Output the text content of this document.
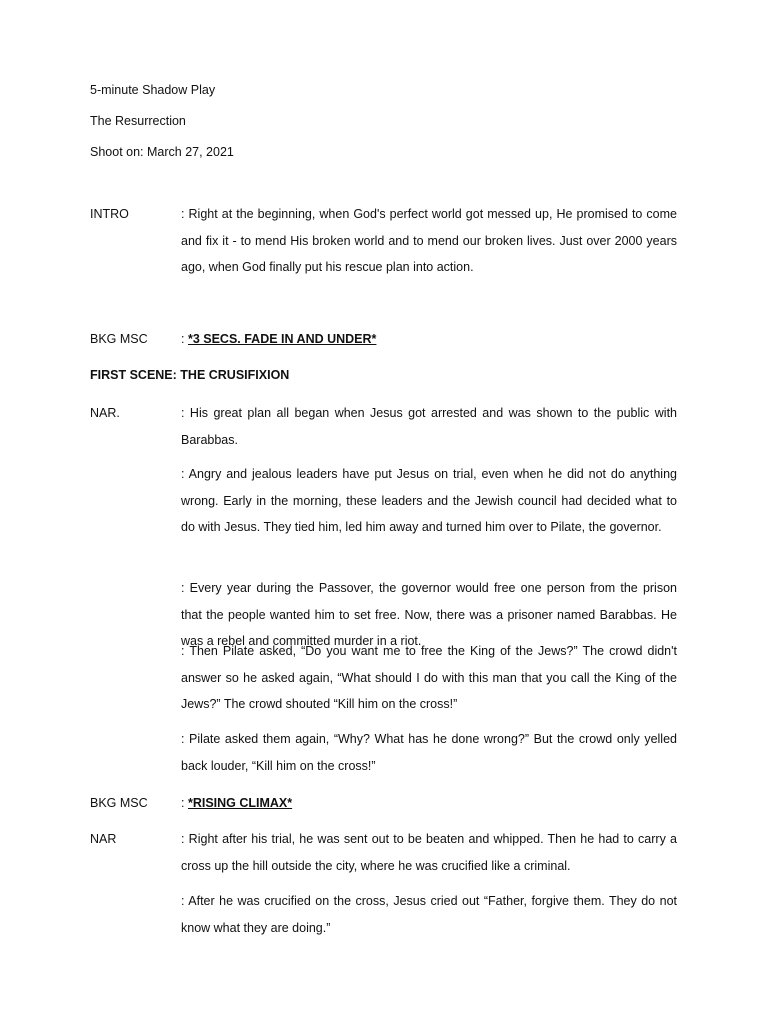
5-minute Shadow Play
The Resurrection
Shoot on: March 27, 2021
INTRO	: Right at the beginning, when God's perfect world got messed up, He promised to come and fix it - to mend His broken world and to mend our broken lives. Just over 2000 years ago, when God finally put his rescue plan into action.
BKG MSC	: *3 SECS. FADE IN AND UNDER*
FIRST SCENE: THE CRUSIFIXION
NAR.	: His great plan all began when Jesus got arrested and was shown to the public with Barabbas.
: Angry and jealous leaders have put Jesus on trial, even when he did not do anything wrong. Early in the morning, these leaders and the Jewish council had decided what to do with Jesus. They tied him, led him away and turned him over to Pilate, the governor.
: Every year during the Passover, the governor would free one person from the prison that the people wanted him to set free. Now, there was a prisoner named Barabbas. He was a rebel and committed murder in a riot.
: Then Pilate asked, “Do you want me to free the King of the Jews?” The crowd didn't answer so he asked again, “What should I do with this man that you call the King of the Jews?” The crowd shouted “Kill him on the cross!”
: Pilate asked them again, “Why? What has he done wrong?” But the crowd only yelled back louder, “Kill him on the cross!”
BKG MSC	: *RISING CLIMAX*
NAR	: Right after his trial, he was sent out to be beaten and whipped. Then he had to carry a cross up the hill outside the city, where he was crucified like a criminal.
: After he was crucified on the cross, Jesus cried out “Father, forgive them. They do not know what they are doing.”
